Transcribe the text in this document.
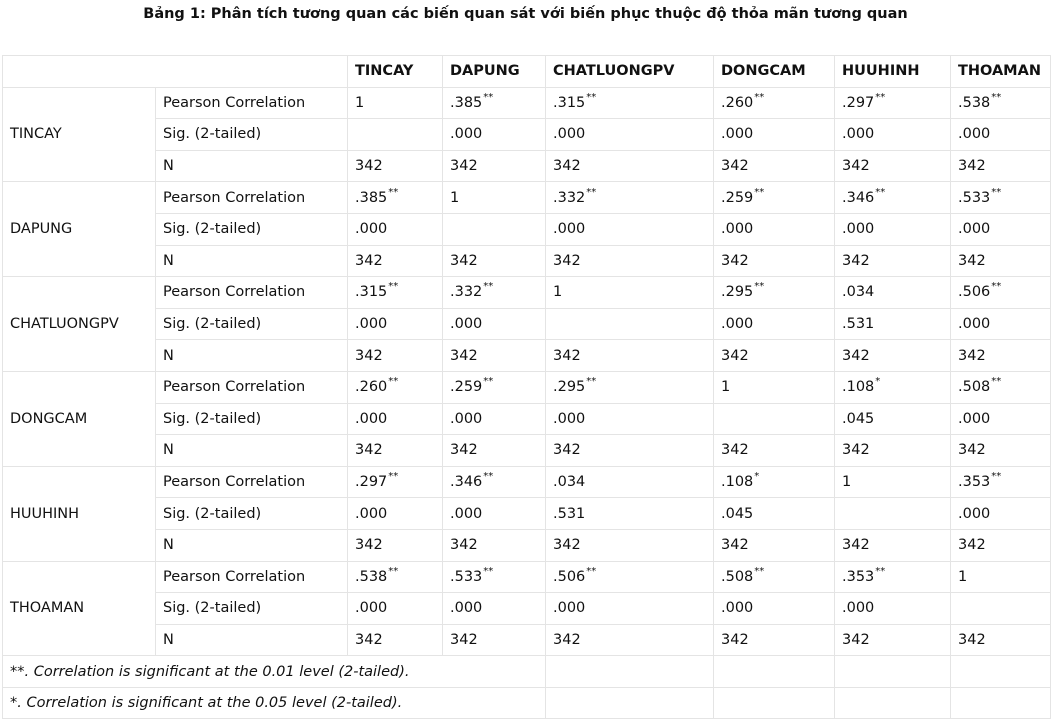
Bảng 1: Phân tích tương quan các biến quan sát với biến phục thuộc độ thỏa mãn tương quan
		TINCAY	DAPUNG	CHATLUONGPV	DONGCAM	HUUHINH	THOAMAN
TINCAY	Pearson Correlation	1	.385**	.315**	.260**	.297**	.538**
	Sig. (2-tailed)		.000	.000	.000	.000	.000
	N	342	342	342	342	342	342
DAPUNG	Pearson Correlation	.385**	1	.332**	.259**	.346**	.533**
	Sig. (2-tailed)	.000		.000	.000	.000	.000
	N	342	342	342	342	342	342
CHATLUONGPV	Pearson Correlation	.315**	.332**	1	.295**	.034	.506**
	Sig. (2-tailed)	.000	.000		.000	.531	.000
	N	342	342	342	342	342	342
DONGCAM	Pearson Correlation	.260**	.259**	.295**	1	.108*	.508**
	Sig. (2-tailed)	.000	.000	.000		.045	.000
	N	342	342	342	342	342	342
HUUHINH	Pearson Correlation	.297**	.346**	.034	.108*	1	.353**
	Sig. (2-tailed)	.000	.000	.531	.045		.000
	N	342	342	342	342	342	342
THOAMAN	Pearson Correlation	.538**	.533**	.506**	.508**	.353**	1
	Sig. (2-tailed)	.000	.000	.000	.000	.000	
	N	342	342	342	342	342	342
**. Correlation is significant at the 0.01 level (2-tailed).							
*. Correlation is significant at the 0.05 level (2-tailed).							
